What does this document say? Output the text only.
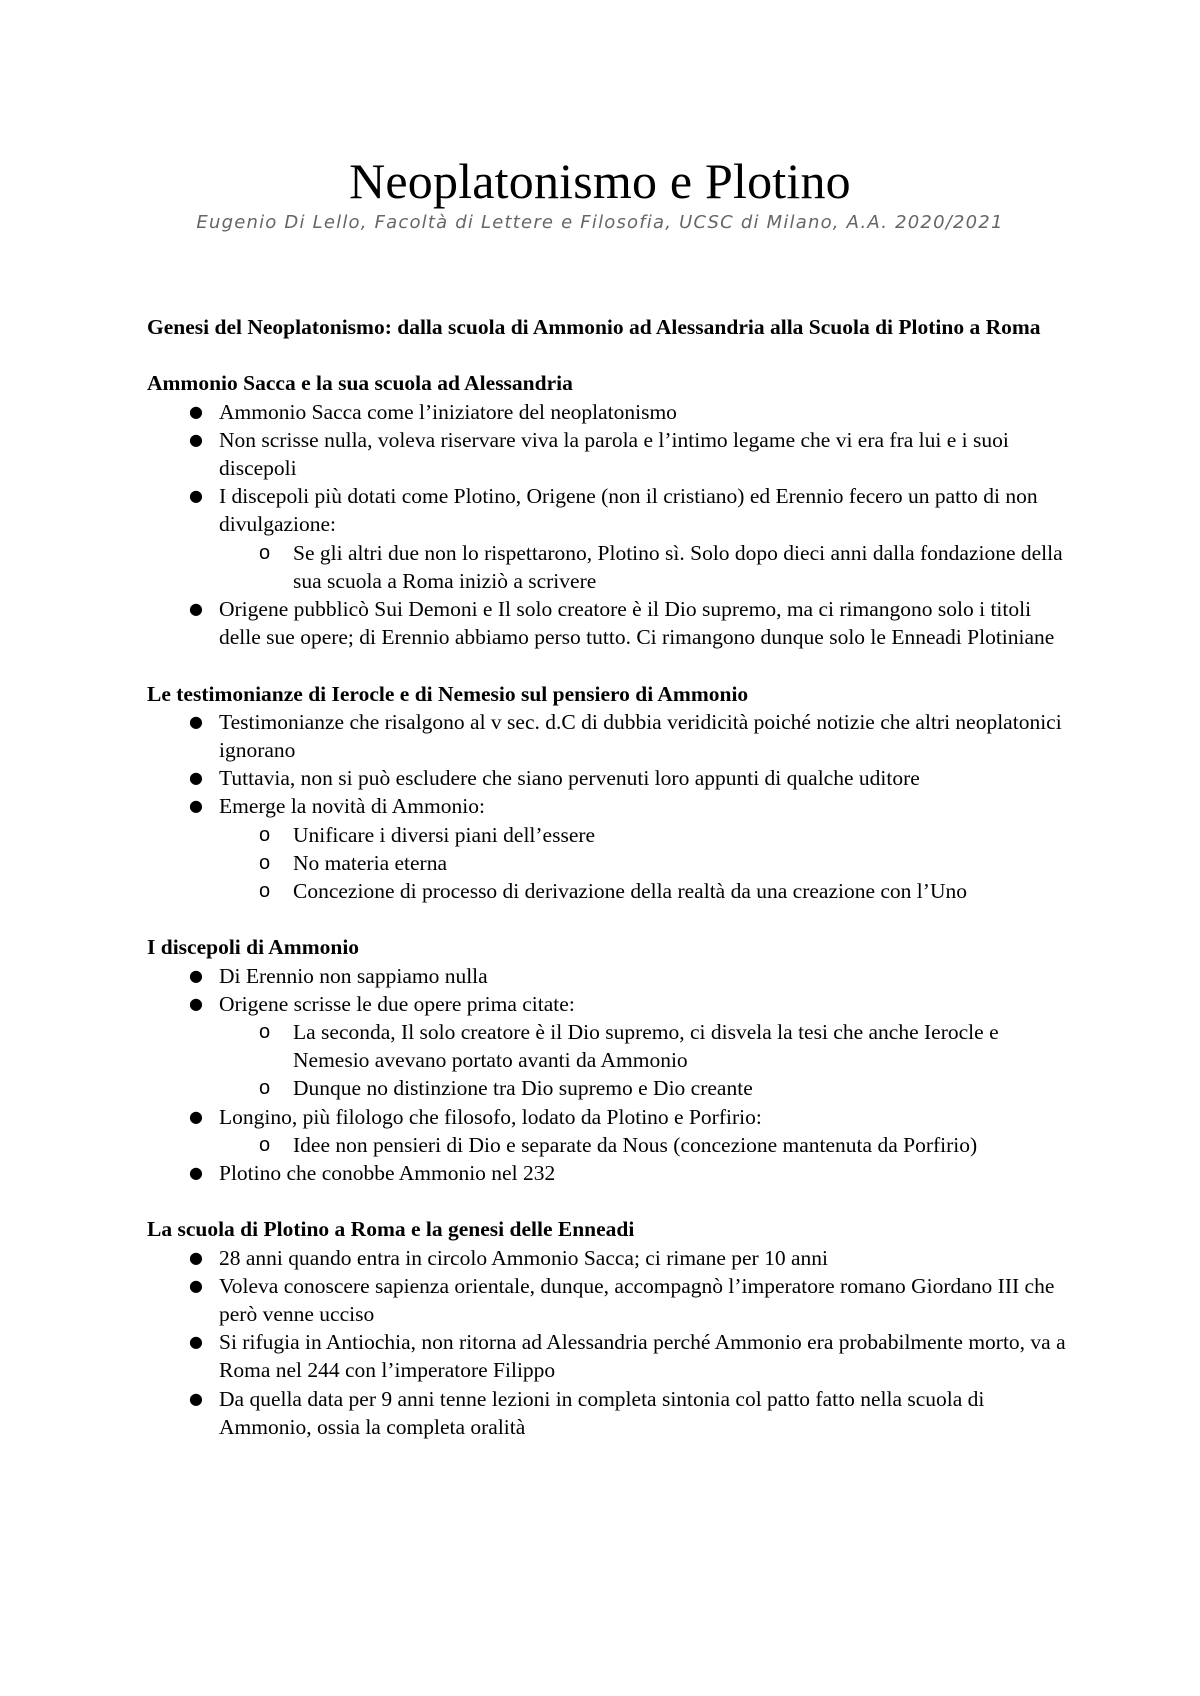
Neoplatonismo e Plotino
Eugenio Di Lello, Facoltà di Lettere e Filosofia, UCSC di Milano, A.A. 2020/2021

Genesi del Neoplatonismo: dalla scuola di Ammonio ad Alessandria alla Scuola di Plotino a Roma

Ammonio Sacca e la sua scuola ad Alessandria

● Ammonio Sacca come l’iniziatore del neoplatonismo
● Non scrisse nulla, voleva riservare viva la parola e l’intimo legame che vi era fra lui e i suoi discepoli
● I discepoli più dotati come Plotino, Origene (non il cristiano) ed Erennio fecero un patto di non divulgazione:
o Se gli altri due non lo rispettarono, Plotino sì. Solo dopo dieci anni dalla fondazione della sua scuola a Roma iniziò a scrivere
● Origene pubblicò Sui Demoni e Il solo creatore è il Dio supremo, ma ci rimangono solo i titoli delle sue opere; di Erennio abbiamo perso tutto. Ci rimangono dunque solo le Enneadi Plotiniane

Le testimonianze di Ierocle e di Nemesio sul pensiero di Ammonio

● Testimonianze che risalgono al v sec. d.C di dubbia veridicità poiché notizie che altri neoplatonici ignorano
● Tuttavia, non si può escludere che siano pervenuti loro appunti di qualche uditore
● Emerge la novità di Ammonio:
o Unificare i diversi piani dell’essere
o No materia eterna
o Concezione di processo di derivazione della realtà da una creazione con l’Uno

I discepoli di Ammonio

● Di Erennio non sappiamo nulla
● Origene scrisse le due opere prima citate:
o La seconda, Il solo creatore è il Dio supremo, ci disvela la tesi che anche Ierocle e Nemesio avevano portato avanti da Ammonio
o Dunque no distinzione tra Dio supremo e Dio creante
● Longino, più filologo che filosofo, lodato da Plotino e Porfirio:
o Idee non pensieri di Dio e separate da Nous (concezione mantenuta da Porfirio)
● Plotino che conobbe Ammonio nel 232

La scuola di Plotino a Roma e la genesi delle Enneadi

● 28 anni quando entra in circolo Ammonio Sacca; ci rimane per 10 anni
● Voleva conoscere sapienza orientale, dunque, accompagnò l’imperatore romano Giordano III che però venne ucciso
● Si rifugia in Antiochia, non ritorna ad Alessandria perché Ammonio era probabilmente morto, va a Roma nel 244 con l’imperatore Filippo
● Da quella data per 9 anni tenne lezioni in completa sintonia col patto fatto nella scuola di Ammonio, ossia la completa oralità
